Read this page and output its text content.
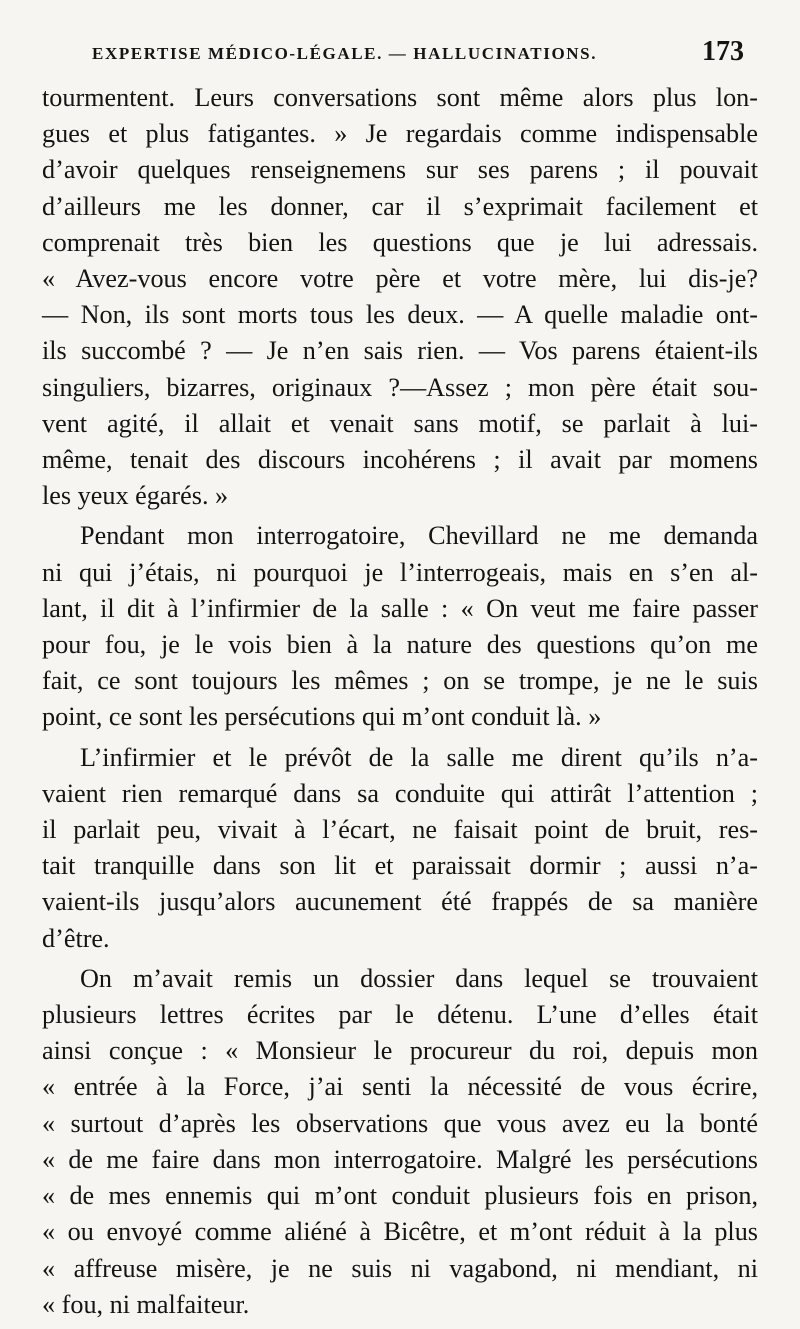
EXPERTISE MÉDICO-LÉGALE. — HALLUCINATIONS.	173
tourmentent. Leurs conversations sont même alors plus lon-
gues et plus fatigantes. » Je regardais comme indispensable
d’avoir quelques renseignemens sur ses parens ; il pouvait
d’ailleurs me les donner, car il s’exprimait facilement et
comprenait très bien les questions que je lui adressais.
« Avez-vous encore votre père et votre mère, lui dis-je?
— Non, ils sont morts tous les deux. — A quelle maladie ont-
ils succombé ? — Je n’en sais rien. — Vos parens étaient-ils
singuliers, bizarres, originaux ?—Assez ; mon père était sou-
vent agité, il allait et venait sans motif, se parlait à lui-
même, tenait des discours incohérens ; il avait par momens
les yeux égarés. »
Pendant mon interrogatoire, Chevillard ne me demanda
ni qui j’étais, ni pourquoi je l’interrogeais, mais en s’en al-
lant, il dit à l’infirmier de la salle : « On veut me faire passer
pour fou, je le vois bien à la nature des questions qu’on me
fait, ce sont toujours les mêmes ; on se trompe, je ne le suis
point, ce sont les persécutions qui m’ont conduit là. »
L’infirmier et le prévôt de la salle me dirent qu’ils n’a-
vaient rien remarqué dans sa conduite qui attirât l’attention ;
il parlait peu, vivait à l’écart, ne faisait point de bruit, res-
tait tranquille dans son lit et paraissait dormir ; aussi n’a-
vaient-ils jusqu’alors aucunement été frappés de sa manière
d’être.
On m’avait remis un dossier dans lequel se trouvaient
plusieurs lettres écrites par le détenu. L’une d’elles était
ainsi conçue : « Monsieur le procureur du roi, depuis mon
« entrée à la Force, j’ai senti la nécessité de vous écrire,
« surtout d’après les observations que vous avez eu la bonté
« de me faire dans mon interrogatoire. Malgré les persécutions
« de mes ennemis qui m’ont conduit plusieurs fois en prison,
« ou envoyé comme aliéné à Bicêtre, et m’ont réduit à la plus
« affreuse misère, je ne suis ni vagabond, ni mendiant, ni
« fou, ni malfaiteur.
